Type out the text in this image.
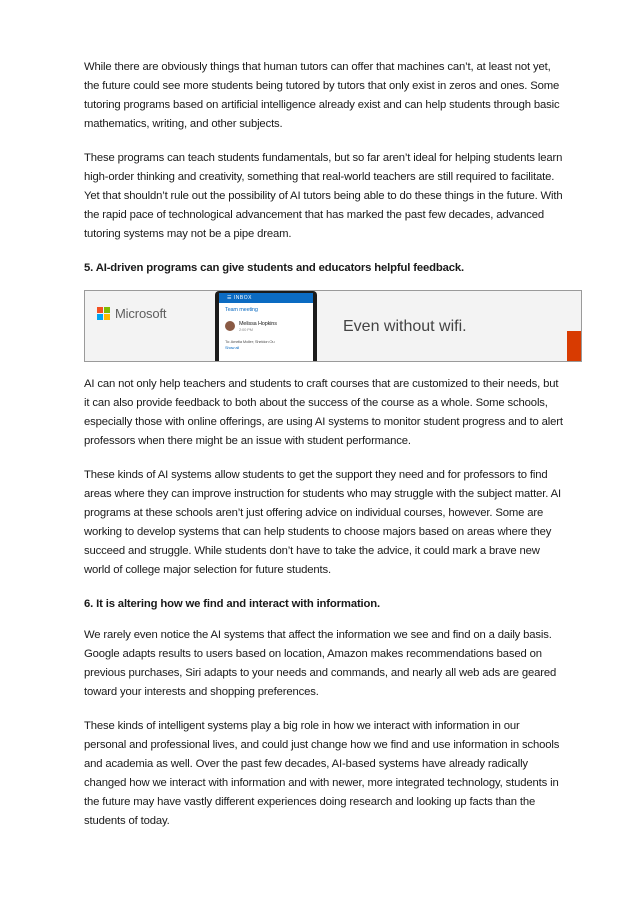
While there are obviously things that human tutors can offer that machines can’t, at least not yet, the future could see more students being tutored by tutors that only exist in zeros and ones. Some tutoring programs based on artificial intelligence already exist and can help students through basic mathematics, writing, and other subjects.

These programs can teach students fundamentals, but so far aren’t ideal for helping students learn high-order thinking and creativity, something that real-world teachers are still required to facilitate. Yet that shouldn’t rule out the possibility of AI tutors being able to do these things in the future. With the rapid pace of technological advancement that has marked the past few decades, advanced tutoring systems may not be a pipe dream.

5. AI-driven programs can give students and educators helpful feedback.
Microsoft
☰ INBOX
Team meeting
Melissa Hopkins
2:00 PM
To: Amelia Moller; Sheldon Ou
Show all
Even without wifi.

AI can not only help teachers and students to craft courses that are customized to their needs, but it can also provide feedback to both about the success of the course as a whole. Some schools, especially those with online offerings, are using AI systems to monitor student progress and to alert professors when there might be an issue with student performance.

These kinds of AI systems allow students to get the support they need and for professors to find areas where they can improve instruction for students who may struggle with the subject matter. AI programs at these schools aren’t just offering advice on individual courses, however. Some are working to develop systems that can help students to choose majors based on areas where they succeed and struggle. While students don’t have to take the advice, it could mark a brave new world of college major selection for future students.

6. It is altering how we find and interact with information.

We rarely even notice the AI systems that affect the information we see and find on a daily basis. Google adapts results to users based on location, Amazon makes recommendations based on previous purchases, Siri adapts to your needs and commands, and nearly all web ads are geared toward your interests and shopping preferences.

These kinds of intelligent systems play a big role in how we interact with information in our personal and professional lives, and could just change how we find and use information in schools and academia as well. Over the past few decades, AI-based systems have already radically changed how we interact with information and with newer, more integrated technology, students in the future may have vastly different experiences doing research and looking up facts than the students of today.
